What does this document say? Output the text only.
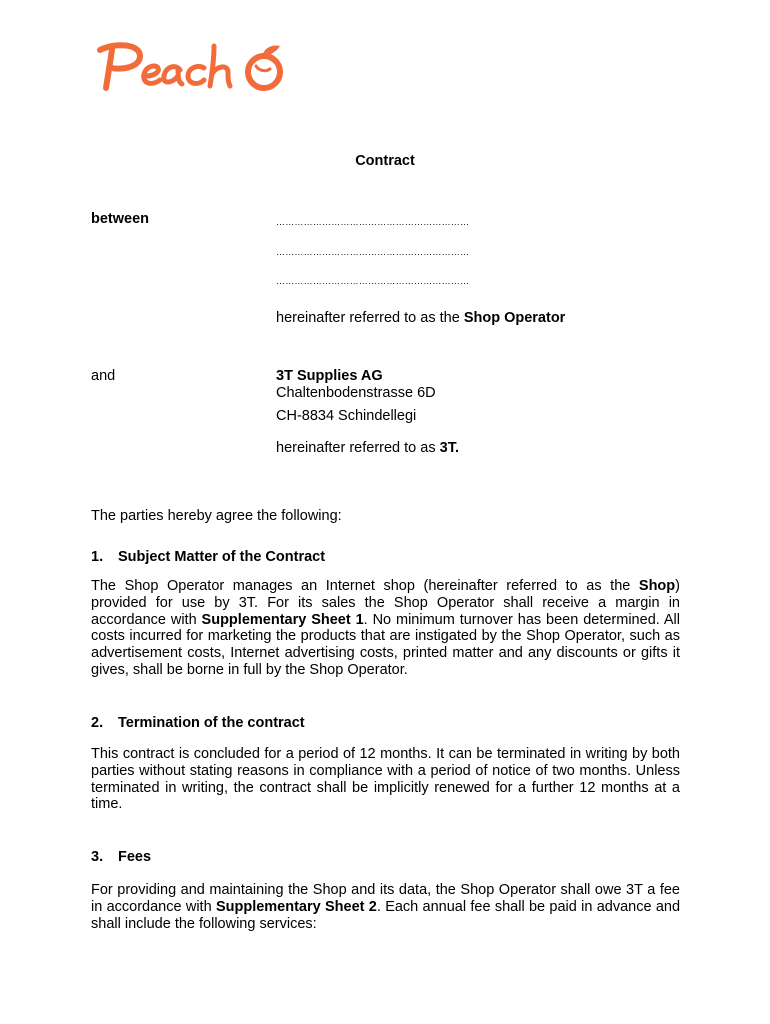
Contract
between	………………………………………………………
………………………………………………………
………………………………………………………
hereinafter referred to as the Shop Operator
and	3T Supplies AG
Chaltenbodenstrasse 6D
CH-8834 Schindellegi
hereinafter referred to as 3T.
The parties hereby agree the following:
1. Subject Matter of the Contract
The Shop Operator manages an Internet shop (hereinafter referred to as the Shop) provided for use by 3T. For its sales the Shop Operator shall receive a margin in accordance with Supplementary Sheet 1. No minimum turnover has been determined. All costs incurred for marketing the products that are instigated by the Shop Operator, such as advertisement costs, Internet advertising costs, printed matter and any discounts or gifts it gives, shall be borne in full by the Shop Operator.
2. Termination of the contract
This contract is concluded for a period of 12 months. It can be terminated in writing by both parties without stating reasons in compliance with a period of notice of two months. Unless terminated in writing, the contract shall be implicitly renewed for a further 12 months at a time.
3. Fees
For providing and maintaining the Shop and its data, the Shop Operator shall owe 3T a fee in accordance with Supplementary Sheet 2. Each annual fee shall be paid in advance and shall include the following services:
